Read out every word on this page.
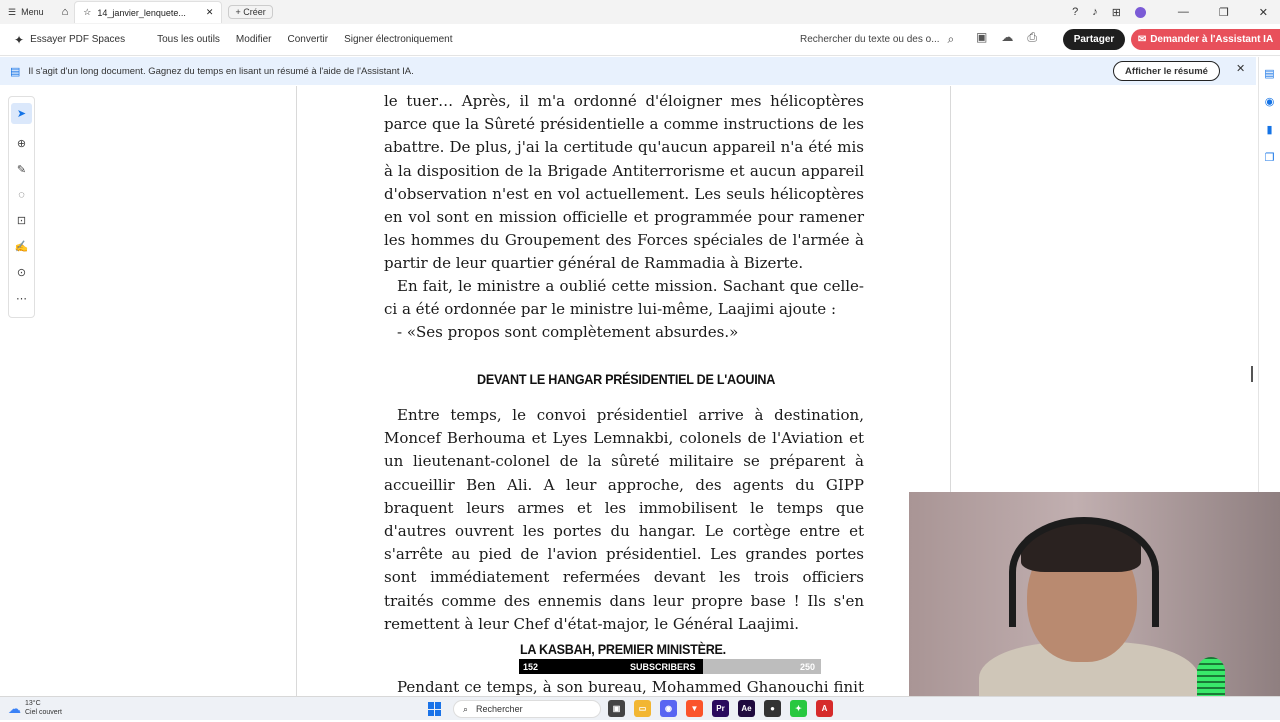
☰ Menu ⌂ ☆ 14_janvier_lenquete... ✕	+ Créer	? ♪ ⊞	—	❐	✕
✦ Essayer PDF Spaces	Tous les outils Modifier Convertir Signer électroniquement	Rechercher du texte ou des o... ⌕ ▣ ☁ ⎙	Partager	✉ Demander à l'Assistant IA
▤ Il s'agit d'un long document. Gagnez du temps en lisant un résumé à l'aide de l'Assistant IA.	Afficher le résumé	✕
➤
⊕
✎
◌
⊡
✍
⊙
⋯
▤
◉
▮
❐

le tuer… Après, il m'a ordonné d'éloigner mes hélicoptères parce que la Sûreté présidentielle a comme instructions de les abattre. De plus, j'ai la certitude qu'aucun appareil n'a été mis à la disposition de la Brigade Antiterrorisme et aucun appareil d'observation n'est en vol actuellement. Les seuls hélicoptères en vol sont en mission officielle et programmée pour ramener les hommes du Groupement des Forces spéciales de l'armée à partir de leur quartier général de Rammadia à Bizerte.

En fait, le ministre a oublié cette mission. Sachant que celle-ci a été ordonnée par le ministre lui-même, Laajimi ajoute :

- «Ses propos sont complètement absurdes.»

DEVANT LE HANGAR PRÉSIDENTIEL DE L'AOUINA

Entre temps, le convoi présidentiel arrive à destination, Moncef Berhouma et Lyes Lemnakbi, colonels de l'Aviation et un lieutenant-colonel de la sûreté militaire se préparent à accueillir Ben Ali. A leur approche, des agents du GIPP braquent leurs armes et les immobilisent le temps que d'autres ouvrent les portes du hangar. Le cortège entre et s'arrête au pied de l'avion présidentiel. Les grandes portes sont immédiatement refermées devant les trois officiers traités comme des ennemis dans leur propre base ! Ils s'en remettent à leur Chef d'état-major, le Général Laajimi.

LA KASBAH, PREMIER MINISTÈRE.

Pendant ce temps, à son bureau, Mohammed Ghanouchi finit

152	SUBSCRIBERS	250
☁ 13°C
Ciel couvert	⌕ Rechercher	▣	▭	◉	▼	Pr	Ae	●	✦	A
